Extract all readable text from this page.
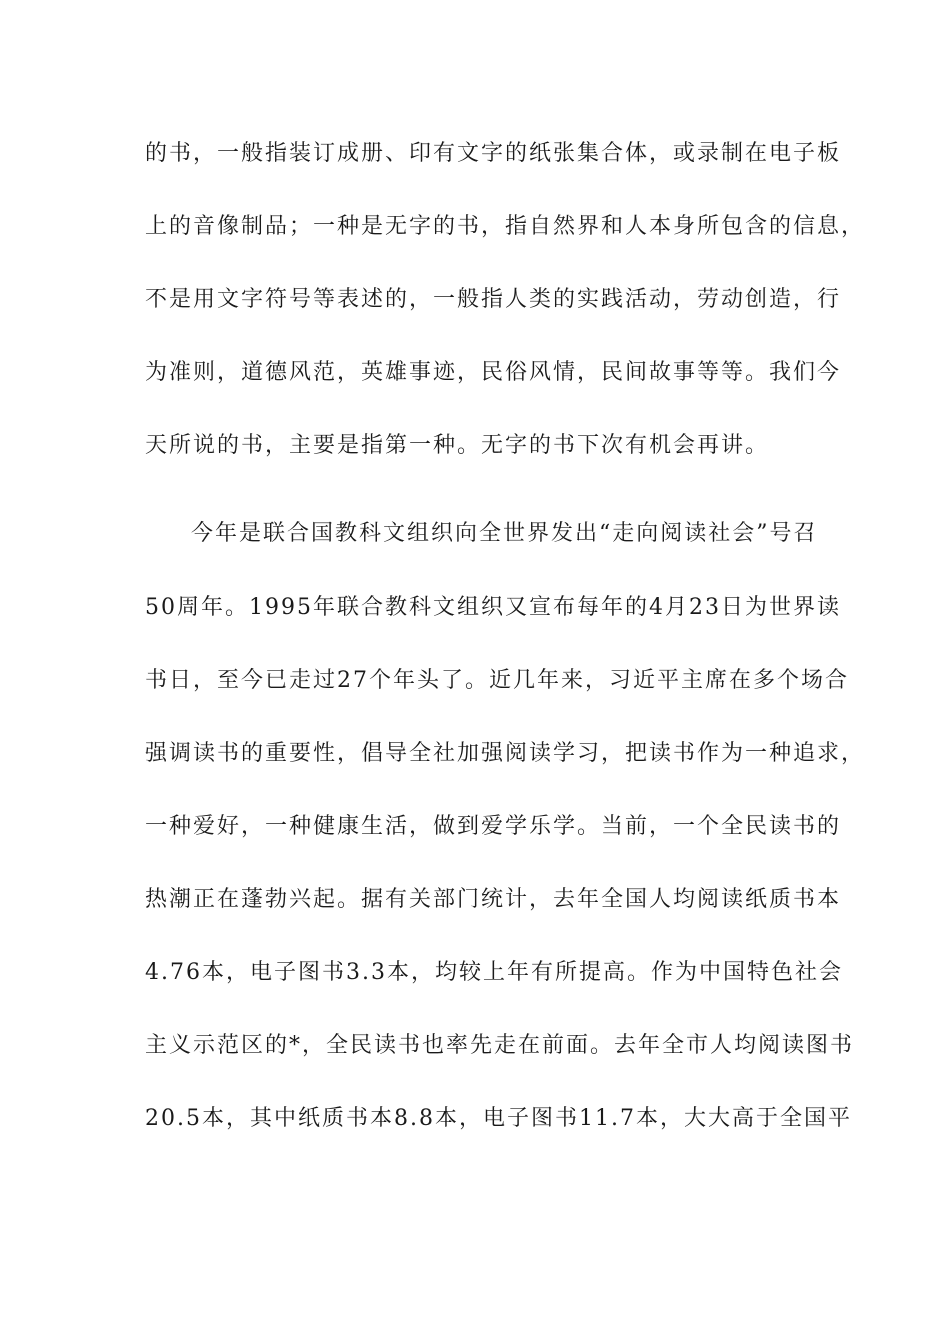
的书，一般指装订成册、印有文字的纸张集合体，或录制在电子板
上的音像制品；一种是无字的书，指自然界和人本身所包含的信息，
不是用文字符号等表述的，一般指人类的实践活动，劳动创造，行
为准则，道德风范，英雄事迹，民俗风情，民间故事等等。我们今
天所说的书，主要是指第一种。无字的书下次有机会再讲。
今年是联合国教科文组织向全世界发出“走向阅读社会”号召
50周年。1995年联合教科文组织又宣布每年的4月23日为世界读
书日，至今已走过27个年头了。近几年来，习近平主席在多个场合
强调读书的重要性，倡导全社加强阅读学习，把读书作为一种追求，
一种爱好，一种健康生活，做到爱学乐学。当前，一个全民读书的
热潮正在蓬勃兴起。据有关部门统计，去年全国人均阅读纸质书本
4.76本，电子图书3.3本，均较上年有所提高。作为中国特色社会
主义示范区的*，全民读书也率先走在前面。去年全市人均阅读图书
20.5本，其中纸质书本8.8本，电子图书11.7本，大大高于全国平
